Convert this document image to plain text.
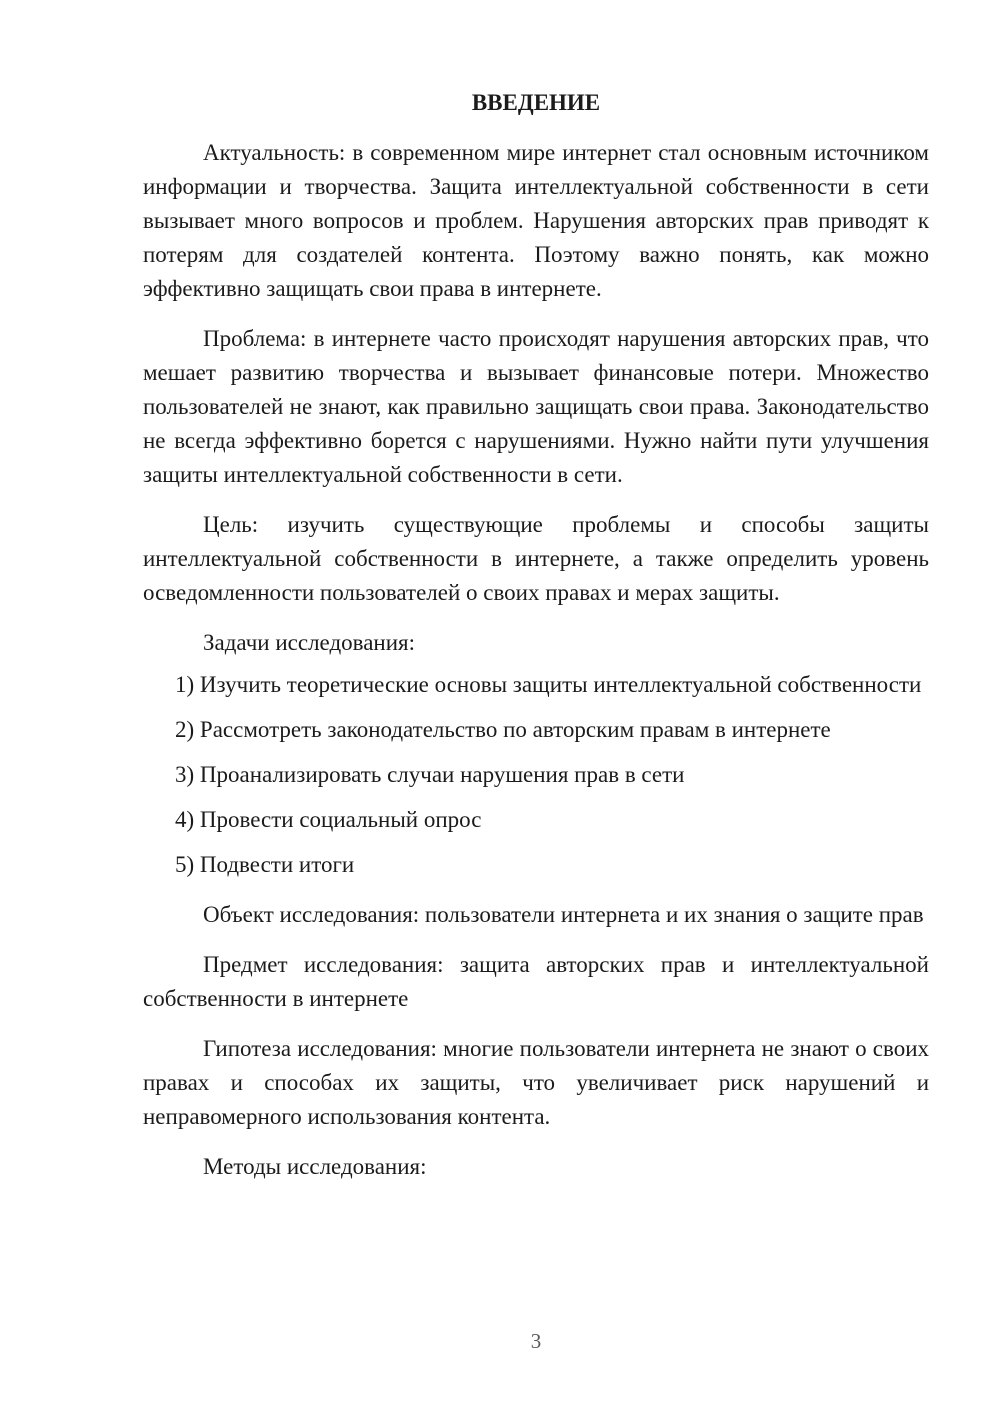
ВВЕДЕНИЕ

Актуальность: в современном мире интернет стал основным источником информации и творчества. Защита интеллектуальной собственности в сети вызывает много вопросов и проблем. Нарушения авторских прав приводят к потерям для создателей контента. Поэтому важно понять, как можно эффективно защищать свои права в интернете.

Проблема: в интернете часто происходят нарушения авторских прав, что мешает развитию творчества и вызывает финансовые потери. Множество пользователей не знают, как правильно защищать свои права. Законодательство не всегда эффективно борется с нарушениями. Нужно найти пути улучшения защиты интеллектуальной собственности в сети.

Цель: изучить существующие проблемы и способы защиты интеллектуальной собственности в интернете, а также определить уровень осведомленности пользователей о своих правах и мерах защиты.

Задачи исследования:

1) Изучить теоретические основы защиты интеллектуальной собственности

2) Рассмотреть законодательство по авторским правам в интернете

3) Проанализировать случаи нарушения прав в сети

4) Провести социальный опрос

5) Подвести итоги

Объект исследования: пользователи интернета и их знания о защите прав

Предмет исследования: защита авторских прав и интеллектуальной собственности в интернете

Гипотеза исследования: многие пользователи интернета не знают о своих правах и способах их защиты, что увеличивает риск нарушений и неправомерного использования контента.

Методы исследования:

3
